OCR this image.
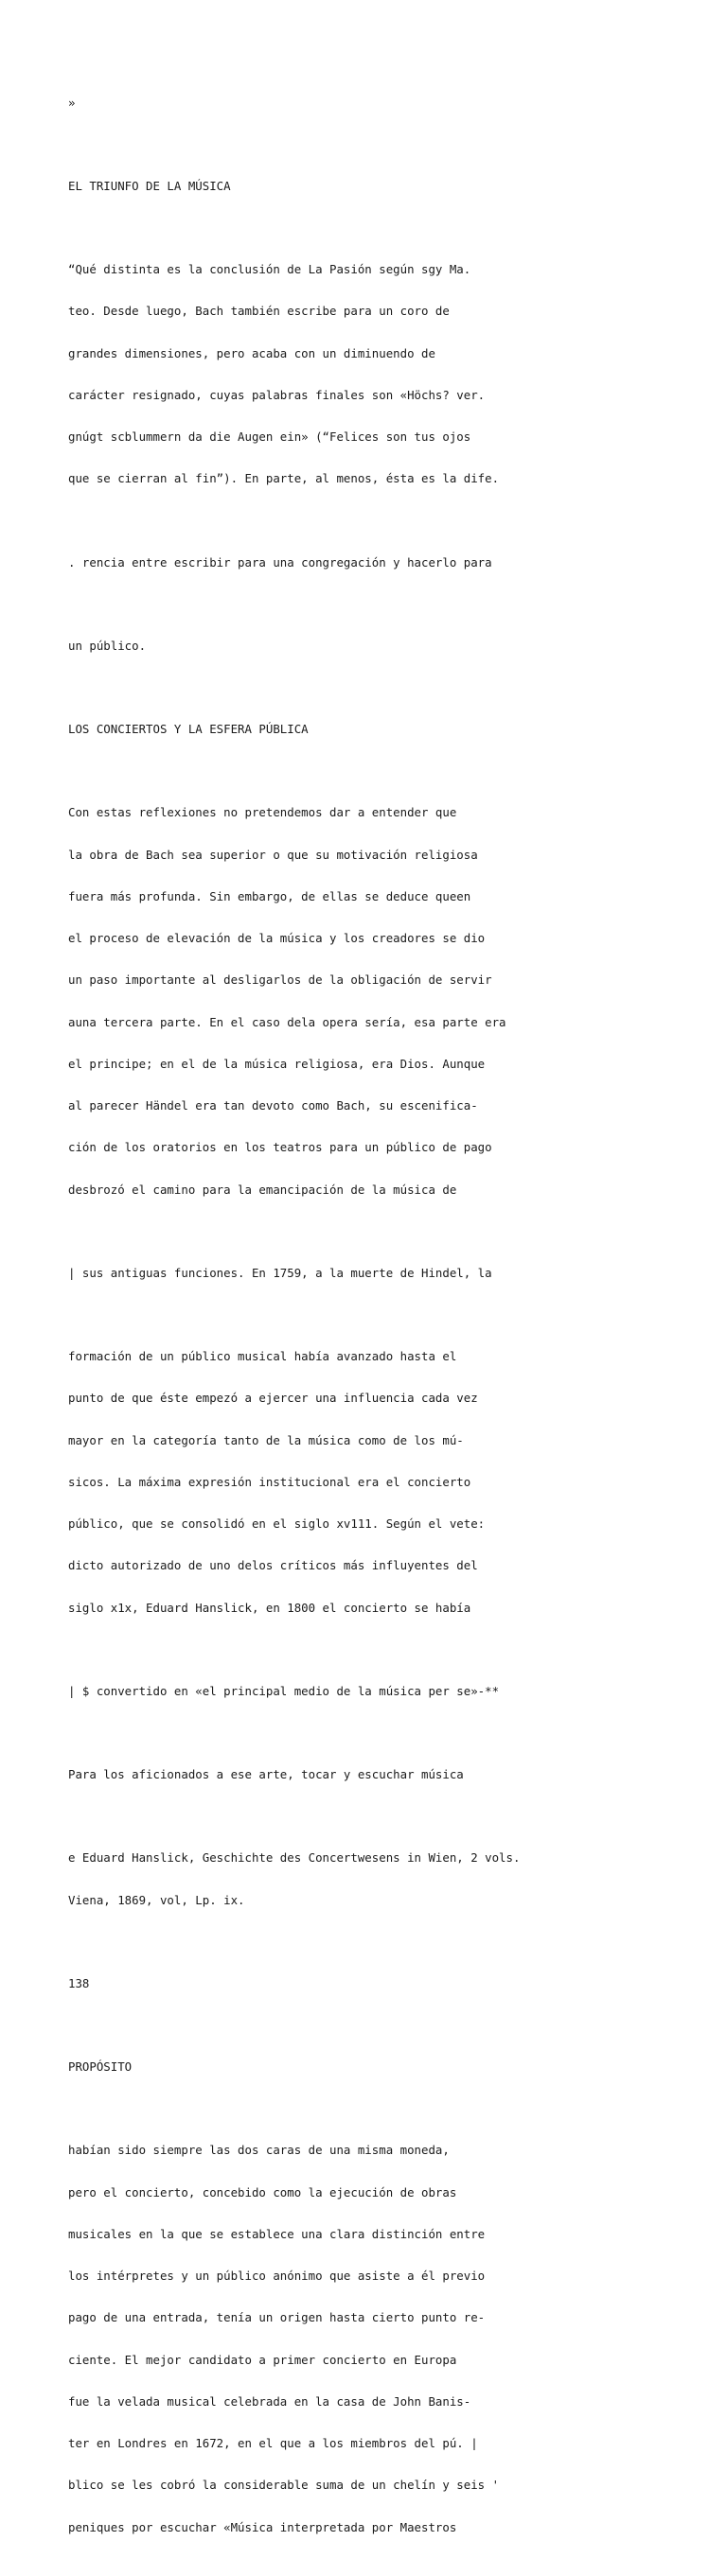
»

EL TRIUNFO DE LA MÚSICA

“Qué distinta es la conclusión de La Pasión según sgy Ma.

teo. Desde luego, Bach también escribe para un coro de

grandes dimensiones, pero acaba con un diminuendo de

carácter resignado, cuyas palabras finales son «Höchs? ver.

gnúgt scblummern da die Augen ein» (“Felices son tus ojos

que se cierran al fin”). En parte, al menos, ésta es la dife.

. rencia entre escribir para una congregación y hacerlo para

un público.

LOS CONCIERTOS Y LA ESFERA PÚBLICA

Con estas reflexiones no pretendemos dar a entender que

la obra de Bach sea superior o que su motivación religiosa

fuera más profunda. Sin embargo, de ellas se deduce queen

el proceso de elevación de la música y los creadores se dio

un paso importante al desligarlos de la obligación de servir

auna tercera parte. En el caso dela opera sería, esa parte era

el principe; en el de la música religiosa, era Dios. Aunque

al parecer Händel era tan devoto como Bach, su escenifica-

ción de los oratorios en los teatros para un público de pago

desbrozó el camino para la emancipación de la música de

| sus antiguas funciones. En 1759, a la muerte de Hindel, la

formación de un público musical había avanzado hasta el

punto de que éste empezó a ejercer una influencia cada vez

mayor en la categoría tanto de la música como de los mú-

sicos. La máxima expresión institucional era el concierto

público, que se consolidó en el siglo xv111. Según el vete:

dicto autorizado de uno delos críticos más influyentes del

siglo x1x, Eduard Hanslick, en 1800 el concierto se había

| $ convertido en «el principal medio de la música per se»-**

Para los aficionados a ese arte, tocar y escuchar música

e Eduard Hanslick, Geschichte des Concertwesens in Wien, 2 vols.

Viena, 1869, vol, Lp. ix.

138

PROPÓSITO

habían sido siempre las dos caras de una misma moneda,

pero el concierto, concebido como la ejecución de obras

musicales en la que se establece una clara distinción entre

los intérpretes y un público anónimo que asiste a él previo

pago de una entrada, tenía un origen hasta cierto punto re-

ciente. El mejor candidato a primer concierto en Europa

fue la velada musical celebrada en la casa de John Banis-

ter en Londres en 1672, en el que a los miembros del pú. |

blico se les cobró la considerable suma de un chelín y seis '

peniques por escuchar «Música interpretada por Maestros
